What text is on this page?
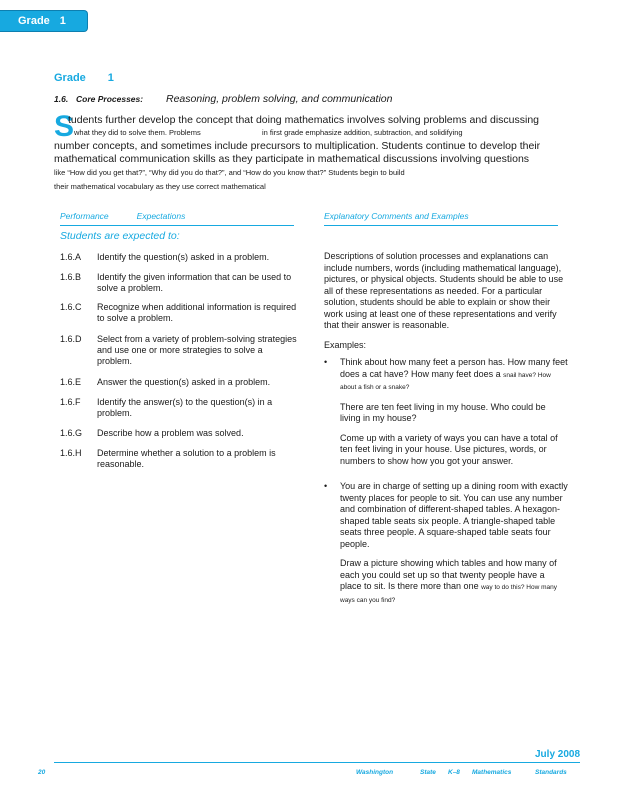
Grade 1
Grade 1
1.6. Core Processes:	Reasoning, problem solving, and communication
S
tudents further develop the concept that doing mathematics involves solving problems and discussing
what they did to solve them. Problems	in first grade emphasize addition, subtraction, and solidifying
number concepts, and sometimes include precursors to multiplication. Students continue to develop their
mathematical communication skills as they participate in mathematical discussions involving questions
like “How did you get that?”, “Why did you do that?”, and “How do you know that?” Students begin to build
their mathematical vocabulary as they use correct mathematical
Performance	Expectations	Explanatory Comments and Examples
Students are expected to:
1.6.A	Identify the question(s) asked in a problem.
1.6.B	Identify the given information that can be used to solve a problem.
1.6.C	Recognize when additional information is required to solve a problem.
1.6.D	Select from a variety of problem-solving strategies and use one or more strategies to solve a problem.
1.6.E	Answer the question(s) asked in a problem.
1.6.F	Identify the answer(s) to the question(s) in a problem.
1.6.G	Describe how a problem was solved.
1.6.H	Determine whether a solution to a problem is reasonable.

Descriptions of solution processes and explanations can include numbers, words (including mathematical language), pictures, or physical objects. Students should be able to use all of these representations as needed. For a particular solution, students should be able to explain or show their work using at least one of these representations and verify that their answer is reasonable.

Examples:

•	Think about how many feet a person has. How many feet does a cat have? How many feet does a snail have? How about a fish or a snake?

There are ten feet living in my house. Who could be living in my house?

Come up with a variety of ways you can have a total of ten feet living in your house. Use pictures, words, or numbers to show how you got your answer.

•	You are in charge of setting up a dining room with exactly twenty places for people to sit. You can use any number and combination of different-shaped tables. A hexagon-shaped table seats six people. A triangle-shaped table seats three people. A square-shaped table seats four people.

Draw a picture showing which tables and how many of each you could set up so that twenty people have a place to sit. Is there more than one way to do this? How many ways can you find?

July 2008
20	Washington	State K–8 Mathematics	Standards
